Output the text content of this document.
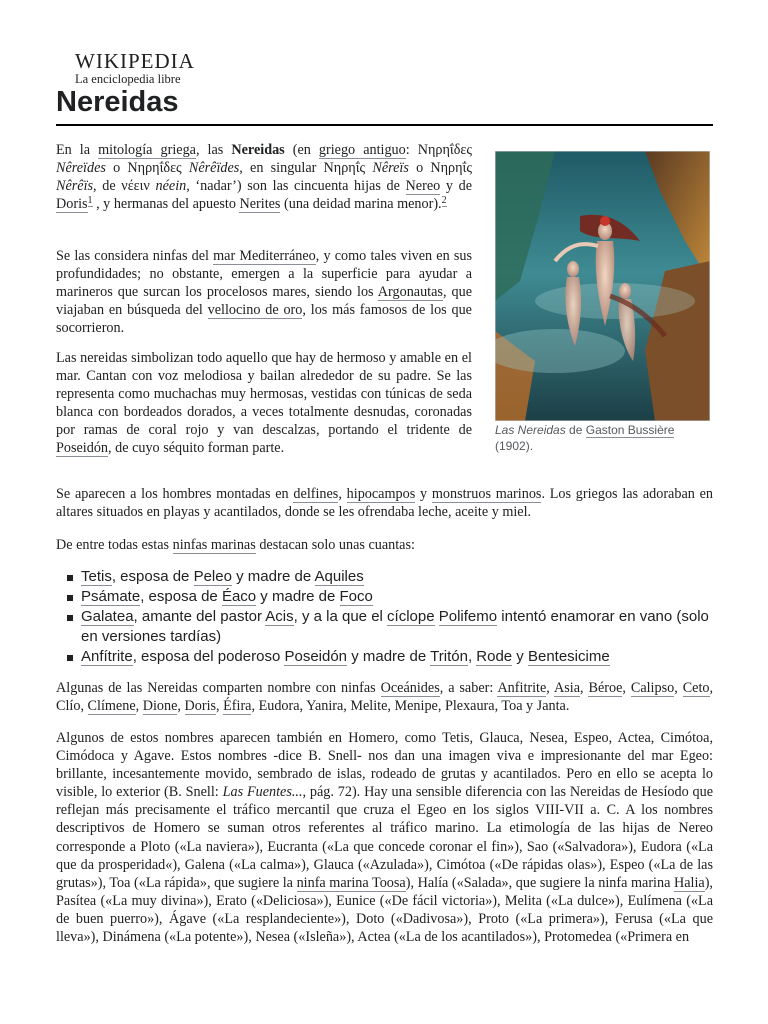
WIKIPEDIA
La enciclopedia libre
Nereidas

En la mitología griega, las Nereidas (en griego antiguo: Νηρηΐδες Nêreïdes o Νηρηΐδες Nêrêïdes, en singular Νηρηΐς Nêreïs o Νηρηΐς Nêrêïs, de νέειν néein, ‘nadar’) son las cincuenta hijas de Nereo y de Doris$^1$ , y hermanas del apuesto Nerites (una deidad marina menor).$^2$

Se las considera ninfas del mar Mediterráneo, y como tales viven en sus profundidades; no obstante, emergen a la superficie para ayudar a marineros que surcan los procelosos mares, siendo los Argonautas, que viajaban en búsqueda del vellocino de oro, los más famosos de los que socorrieron.

Las nereidas simbolizan todo aquello que hay de hermoso y amable en el mar. Cantan con voz melodiosa y bailan alrededor de su padre. Se las representa como muchachas muy hermosas, vestidas con túnicas de seda blanca con bordeados dorados, a veces totalmente desnudas, coronadas por ramas de coral rojo y van descalzas, portando el tridente de Poseidón, de cuyo séquito forman parte.

Las Nereidas de Gaston Bussière
(1902).

Se aparecen a los hombres montadas en delfines, hipocampos y monstruos marinos. Los griegos las adoraban en altares situados en playas y acantilados, donde se les ofrendaba leche, aceite y miel.

De entre todas estas ninfas marinas destacan solo unas cuantas:

Tetis, esposa de Peleo y madre de Aquiles
Psámate, esposa de Éaco y madre de Foco
Galatea, amante del pastor Acis, y a la que el cíclope Polifemo intentó enamorar en vano (solo en versiones tardías)
Anfítrite, esposa del poderoso Poseidón y madre de Tritón, Rode y Bentesicime

Algunas de las Nereidas comparten nombre con ninfas Oceánides, a saber: Anfitrite, Asia, Béroe, Calipso, Ceto, Clío, Clímene, Dione, Doris, Éfira, Eudora, Yanira, Melite, Menipe, Plexaura, Toa y Janta.

Algunos de estos nombres aparecen también en Homero, como Tetis, Glauca, Nesea, Espeo, Actea, Cimótoa, Cimódoca y Agave. Estos nombres -dice B. Snell- nos dan una imagen viva e impresionante del mar Egeo: brillante, incesantemente movido, sembrado de islas, rodeado de grutas y acantilados. Pero en ello se acepta lo visible, lo exterior (B. Snell: Las Fuentes..., pág. 72). Hay una sensible diferencia con las Nereidas de Hesíodo que reflejan más precisamente el tráfico mercantil que cruza el Egeo en los siglos VIII-VII a. C. A los nombres descriptivos de Homero se suman otros referentes al tráfico marino. La etimología de las hijas de Nereo corresponde a Ploto («La naviera»), Eucranta («La que concede coronar el fin»), Sao («Salvadora»), Eudora («La que da prosperidad«), Galena («La calma»), Glauca («Azulada»), Cimótoa («De rápidas olas»), Espeo («La de las grutas»), Toa («La rápida», que sugiere la ninfa marina Toosa), Halía («Salada», que sugiere la ninfa marina Halia), Pasítea («La muy divina»), Erato («Deliciosa»), Eunice («De fácil victoria»), Melita («La dulce»), Eulímena («La de buen puerro»), Ágave («La resplandeciente»), Doto («Dadivosa»), Proto («La primera»), Ferusa («La que lleva»), Dinámena («La potente»), Nesea («Isleña»), Actea («La de los acantilados»), Protomedea («Primera en
